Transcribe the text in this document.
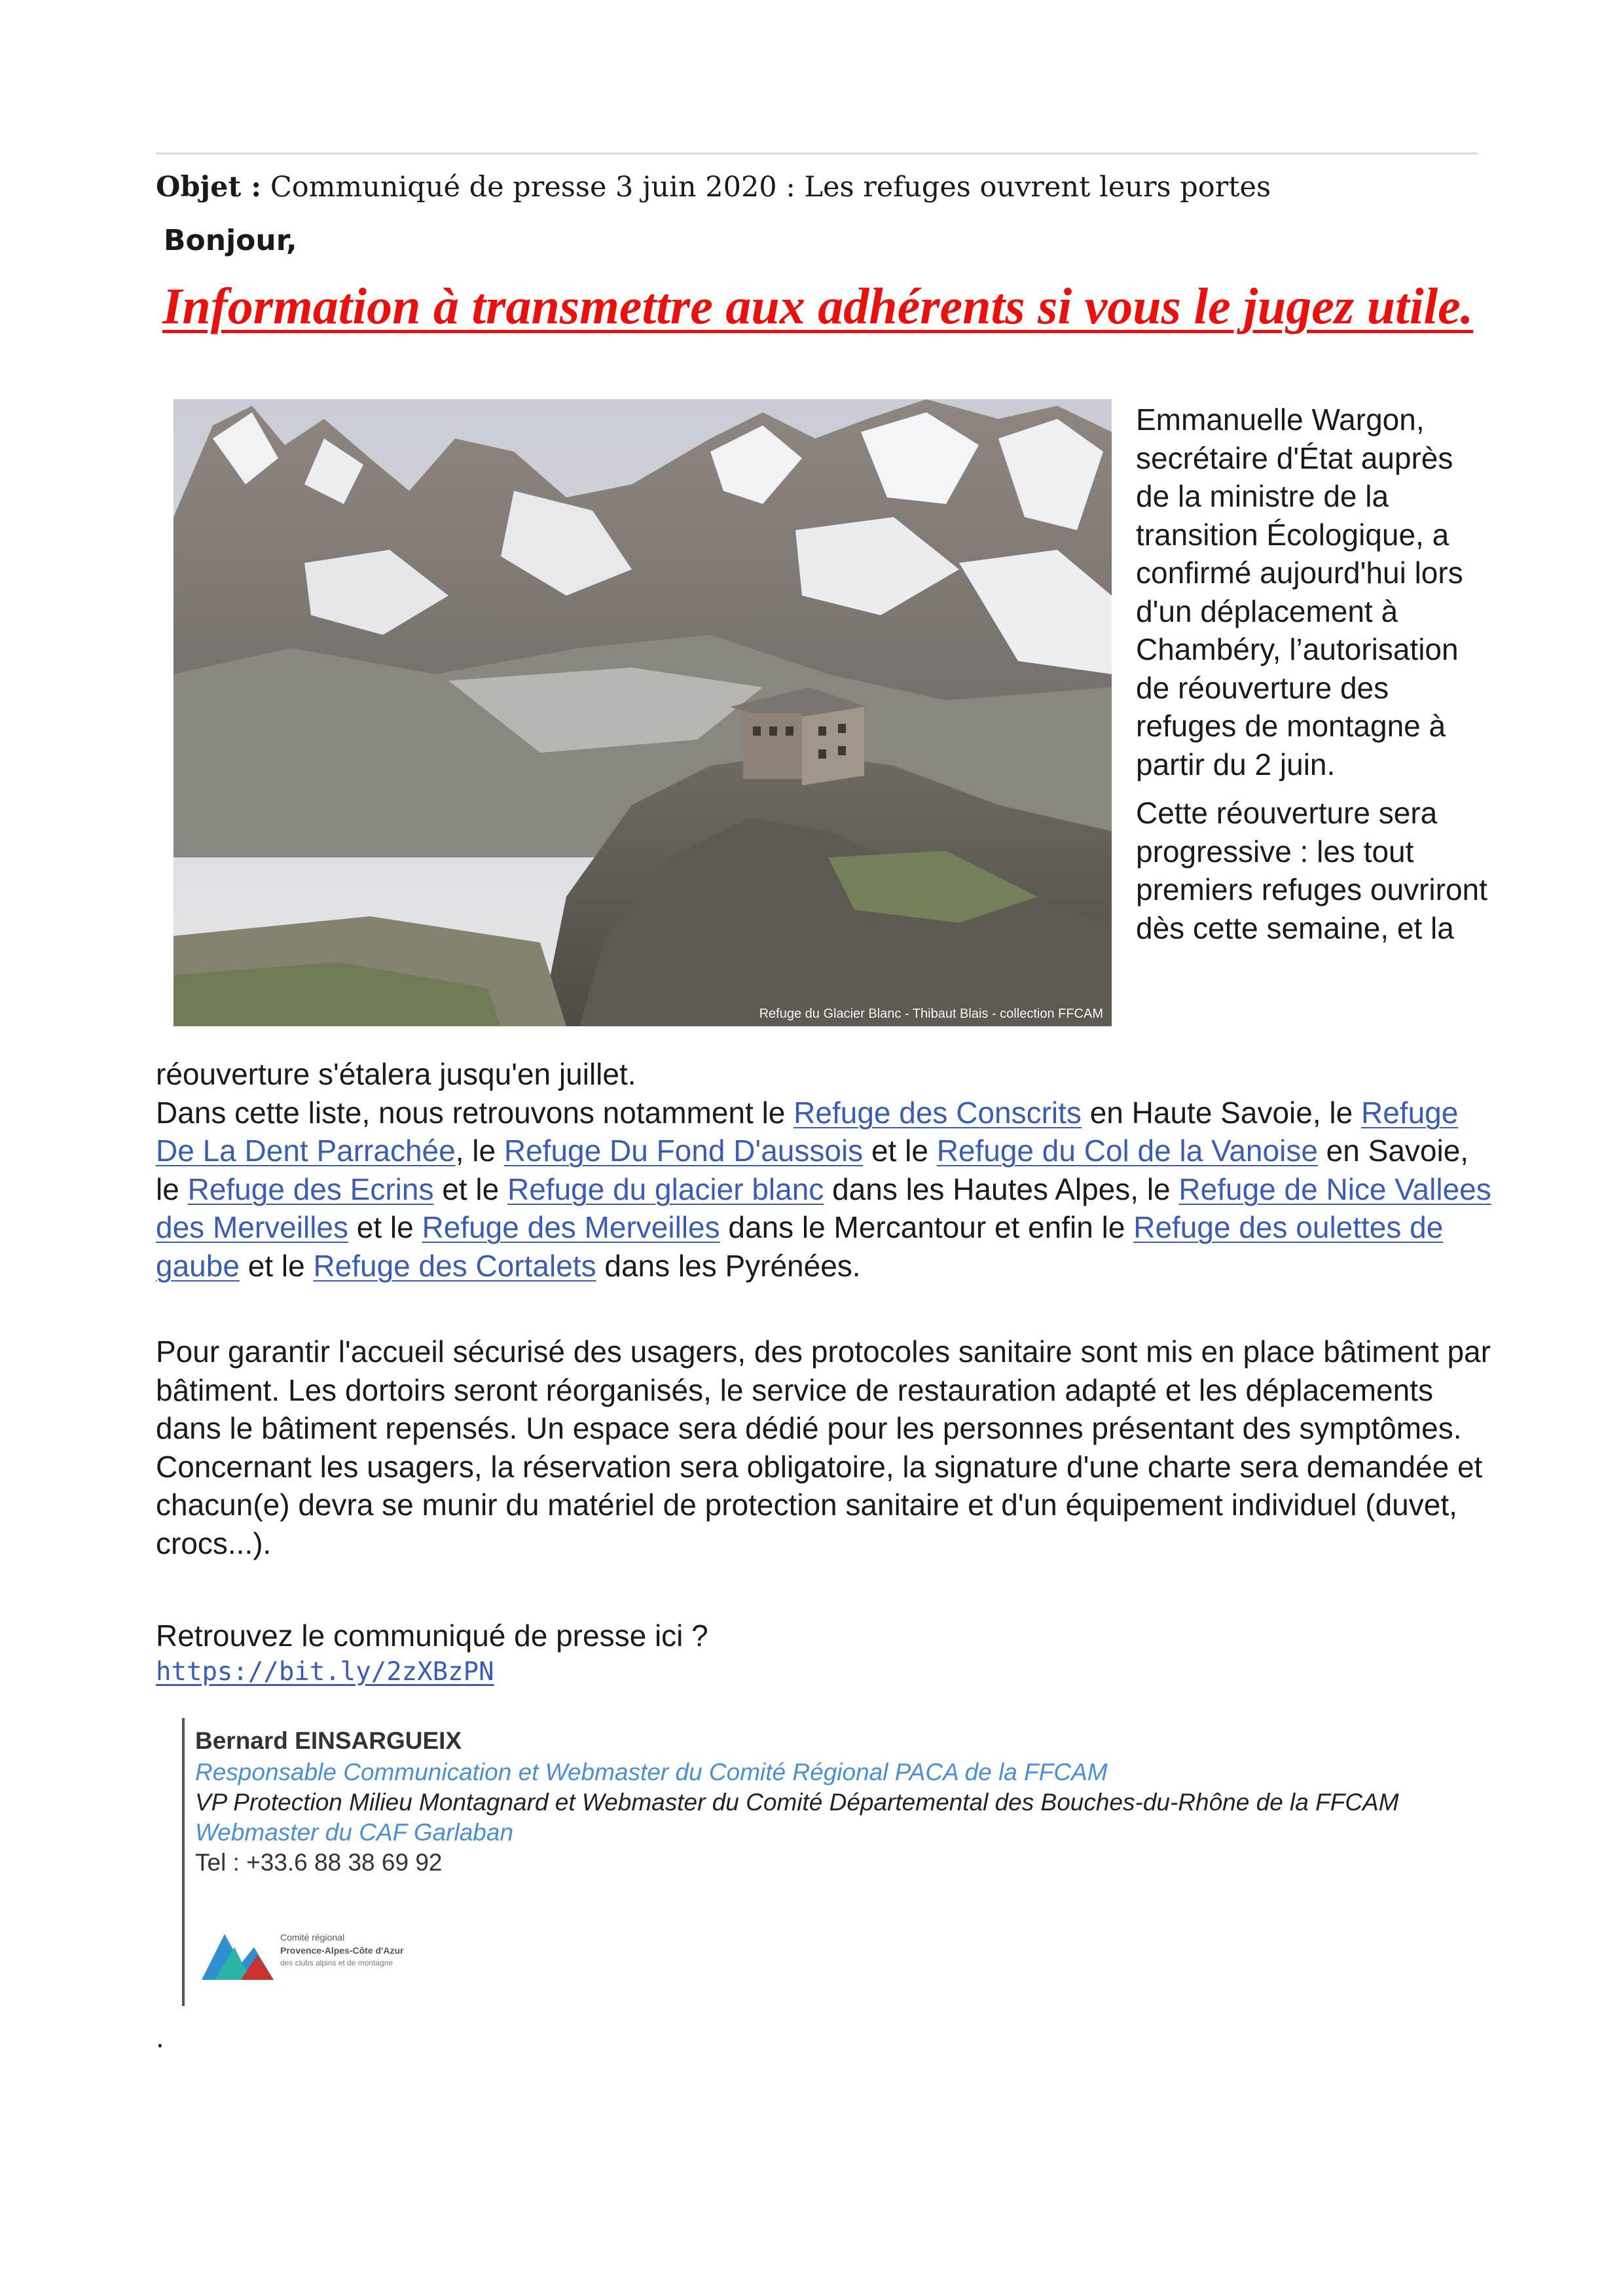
Objet : Communiqué de presse 3 juin 2020 : Les refuges ouvrent leurs portes
Bonjour,
Information à transmettre aux adhérents si vous le jugez utile.
Refuge du Glacier Blanc - Thibaut Blais - collection FFCAM

Emmanuelle Wargon, secrétaire d'État auprès de la ministre de la transition Écologique, a confirmé aujourd'hui lors d'un déplacement à Chambéry, l’autorisation de réouverture des refuges de montagne à partir du 2 juin.

Cette réouverture sera progressive : les tout premiers refuges ouvriront dès cette semaine, et la

réouverture s'étalera jusqu'en juillet.

Dans cette liste, nous retrouvons notamment le Refuge des Conscrits en Haute Savoie, le Refuge De La Dent Parrachée, le Refuge Du Fond D'aussois et le Refuge du Col de la Vanoise en Savoie, le Refuge des Ecrins et le Refuge du glacier blanc dans les Hautes Alpes, le Refuge de Nice Vallees des Merveilles et le Refuge des Merveilles dans le Mercantour et enfin le Refuge des oulettes de gaube et le Refuge des Cortalets dans les Pyrénées.

Pour garantir l'accueil sécurisé des usagers, des protocoles sanitaire sont mis en place bâtiment par bâtiment. Les dortoirs seront réorganisés, le service de restauration adapté et les déplacements dans le bâtiment repensés. Un espace sera dédié pour les personnes présentant des symptômes.

Concernant les usagers, la réservation sera obligatoire, la signature d'une charte sera demandée et chacun(e) devra se munir du matériel de protection sanitaire et d'un équipement individuel (duvet, crocs...).

Retrouvez le communiqué de presse ici ?
https://bit.ly/2zXBzPN
Bernard EINSARGUEIX
Responsable Communication et Webmaster du Comité Régional PACA de la FFCAM
VP Protection Milieu Montagnard et Webmaster du Comité Départemental des Bouches-du-Rhône de la FFCAM
Webmaster du CAF Garlaban
Tel : +33.6 88 38 69 92
Comité régional
Provence-Alpes-Côte d'Azur
des clubs alpins et de montagne
.
